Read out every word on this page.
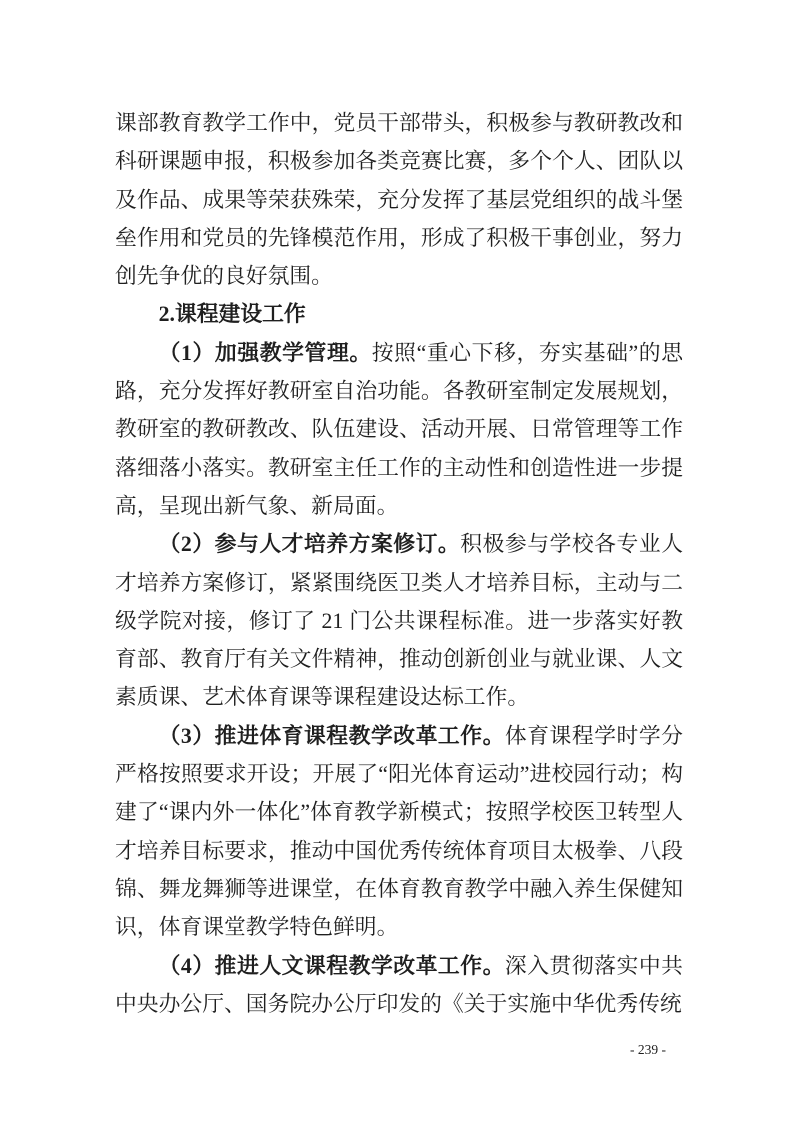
课部教育教学工作中，党员干部带头，积极参与教研教改和科研课题申报，积极参加各类竞赛比赛，多个个人、团队以及作品、成果等荣获殊荣，充分发挥了基层党组织的战斗堡垒作用和党员的先锋模范作用，形成了积极干事创业，努力创先争优的良好氛围。

2.课程建设工作

（1）加强教学管理。按照“重心下移，夯实基础”的思路，充分发挥好教研室自治功能。各教研室制定发展规划，教研室的教研教改、队伍建设、活动开展、日常管理等工作落细落小落实。教研室主任工作的主动性和创造性进一步提高，呈现出新气象、新局面。

（2）参与人才培养方案修订。积极参与学校各专业人才培养方案修订，紧紧围绕医卫类人才培养目标，主动与二级学院对接，修订了 21 门公共课程标准。进一步落实好教育部、教育厅有关文件精神，推动创新创业与就业课、人文素质课、艺术体育课等课程建设达标工作。

（3）推进体育课程教学改革工作。体育课程学时学分严格按照要求开设；开展了“阳光体育运动”进校园行动；构建了“课内外一体化”体育教学新模式；按照学校医卫转型人才培养目标要求，推动中国优秀传统体育项目太极拳、八段锦、舞龙舞狮等进课堂，在体育教育教学中融入养生保健知识，体育课堂教学特色鲜明。

（4）推进人文课程教学改革工作。深入贯彻落实中共中央办公厅、国务院办公厅印发的《关于实施中华优秀传统

- 239 -
